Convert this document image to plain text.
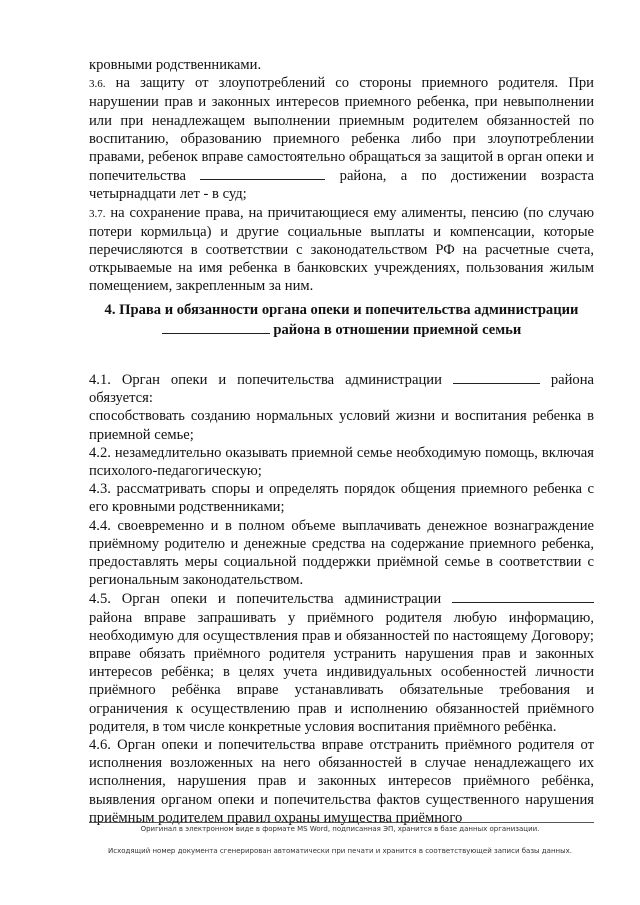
кровными родственниками.

3.6. на защиту от злоупотреблений со стороны приемного родителя. При нарушении прав и законных интересов приемного ребенка, при невыполнении или при ненадлежащем выполнении приемным родителем обязанностей по воспитанию, образованию приемного ребенка либо при злоупотреблении правами, ребенок вправе самостоятельно обращаться за защитой в орган опеки и попечительства	района, а по достижении возраста четырнадцати лет - в суд;

3.7. на сохранение права, на причитающиеся ему алименты, пенсию (по случаю потери кормильца) и другие социальные выплаты и компенсации, которые перечисляются в соответствии с законодательством РФ на расчетные счета, открываемые на имя ребенка в банковских учреждениях, пользования жилым помещением, закрепленным за ним.

4. Права и обязанности органа опеки и попечительства администрации
района в отношении приемной семьи

4.1. Орган опеки и попечительства администрации	района обязуется:

способствовать созданию нормальных условий жизни и воспитания ребенка в приемной семье;

4.2. незамедлительно оказывать приемной семье необходимую помощь, включая психолого-педагогическую;

4.3. рассматривать споры и определять порядок общения приемного ребенка с его кровными родственниками;

4.4. своевременно и в полном объеме выплачивать денежное вознаграждение приёмному родителю и денежные средства на содержание приемного ребенка, предоставлять меры социальной поддержки приёмной семье в соответствии с региональным законодательством.

4.5. Орган опеки и попечительства администрации  района вправе запрашивать у приёмного родителя любую информацию, необходимую для осуществления прав и обязанностей по настоящему Договору; вправе обязать приёмного родителя устранить нарушения прав и законных интересов ребёнка; в целях учета индивидуальных особенностей личности приёмного ребёнка вправе устанавливать обязательные требования и ограничения к осуществлению прав и исполнению обязанностей приёмного родителя, в том числе конкретные условия воспитания приёмного ребёнка.

4.6. Орган опеки и попечительства вправе отстранить приёмного родителя от исполнения возложенных на него обязанностей в случае ненадлежащего их исполнения, нарушения прав и законных интересов приёмного ребёнка, выявления органом опеки и попечительства фактов существенного нарушения приёмным родителем правил охраны имущества приёмного

Оригинал в электронном виде в формате MS Word, подписанная ЭП, хранится в базе данных организации.
Исходящий номер документа сгенерирован автоматически при печати и хранится в соответствующей записи базы данных.
